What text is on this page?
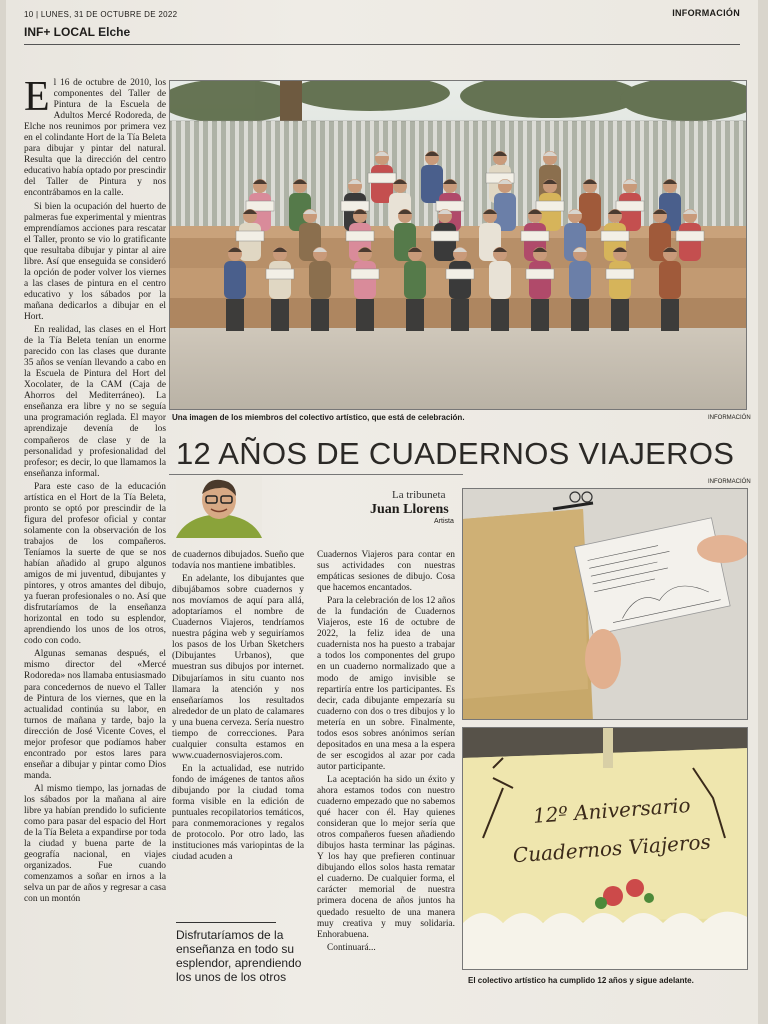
10 | LUNES, 31 DE OCTUBRE DE 2022	INFORMACIÓN
INF+ LOCAL Elche

El 16 de octubre de 2010, los componentes del Taller de Pintura de la Escuela de Adultos Mercé Rodoreda, de Elche nos reunimos por primera vez en el colindante Hort de la Tía Beleta para dibujar y pintar del natural. Resulta que la dirección del centro educativo había optado por prescindir del Taller de Pintura y nos encontrábamos en la calle.

Si bien la ocupación del huerto de palmeras fue experimental y mientras emprendíamos acciones para rescatar el Taller, pronto se vio lo gratificante que resultaba dibujar y pintar al aire libre. Así que enseguida se consideró la opción de poder volver los viernes a las clases de pintura en el centro educativo y los sábados por la mañana dedicarlos a dibujar en el Hort.

En realidad, las clases en el Hort de la Tía Beleta tenían un enorme parecido con las clases que durante 35 años se venían llevando a cabo en la Escuela de Pintura del Hort del Xocolater, de la CAM (Caja de Ahorros del Mediterráneo). La enseñanza era libre y no se seguía una programación reglada. El mayor aprendizaje devenía de los compañeros de clase y de la personalidad y profesionalidad del profesor; es decir, lo que llamamos la enseñanza informal.

Para este caso de la educación artística en el Hort de la Tía Beleta, pronto se optó por prescindir de la figura del profesor oficial y contar solamente con la observación de los trabajos de los compañeros. Teníamos la suerte de que se nos habían añadido al grupo algunos amigos de mi juventud, dibujantes y pintores, y otros amantes del dibujo, ya fueran profesionales o no. Así que disfrutaríamos de la enseñanza horizontal en todo su esplendor, aprendiendo los unos de los otros, codo con codo.

Algunas semanas después, el mismo director del «Mercé Rodoreda» nos llamaba entusiasmado para concedernos de nuevo el Taller de Pintura de los viernes, que en la actualidad continúa su labor, en turnos de mañana y tarde, bajo la dirección de José Vicente Coves, el mejor profesor que podíamos haber encontrado por estos lares para enseñar a dibujar y pintar como Dios manda.

Al mismo tiempo, las jornadas de los sábados por la mañana al aire libre ya habían prendido lo suficiente como para pasar del espacio del Hort de la Tía Beleta a expandirse por toda la ciudad y buena parte de la geografía nacional, en viajes organizados. Fue cuando comenzamos a soñar en irnos a la selva un par de años y regresar a casa con un montón

Una imagen de los miembros del colectivo artístico, que está de celebración.	INFORMACIÓN
12 AÑOS DE CUADERNOS VIAJEROS
La tribuneta
Juan Llorens
Artista

de cuadernos dibujados. Sueño que todavía nos mantiene imbatibles.

En adelante, los dibujantes que dibujábamos sobre cuadernos y nos movíamos de aquí para allá, adoptaríamos el nombre de Cuadernos Viajeros, tendríamos nuestra página web y seguiríamos los pasos de los Urban Sketchers (Dibujantes Urbanos), que muestran sus dibujos por internet. Dibujaríamos in situ cuanto nos llamara la atención y nos enseñaríamos los resultados alrededor de un plato de calamares y una buena cerveza. Sería nuestro tiempo de correcciones. Para cualquier consulta estamos en www.cuadernosviajeros.com.

En la actualidad, ese nutrido fondo de imágenes de tantos años dibujando por la ciudad toma forma visible en la edición de puntuales recopilatorios temáticos, para conmemoraciones y regalos de protocolo. Por otro lado, las instituciones más variopintas de la ciudad acuden a

Disfrutaríamos de la enseñanza en todo su esplendor, aprendiendo los unos de los otros

Cuadernos Viajeros para contar en sus actividades con nuestras empáticas sesiones de dibujo. Cosa que hacemos encantados.

Para la celebración de los 12 años de la fundación de Cuadernos Viajeros, este 16 de octubre de 2022, la feliz idea de una cuadernista nos ha puesto a trabajar a todos los componentes del grupo en un cuaderno normalizado que a modo de amigo invisible se repartiría entre los participantes. Es decir, cada dibujante empezaría su cuaderno con dos o tres dibujos y lo metería en un sobre. Finalmente, todos esos sobres anónimos serían depositados en una mesa a la espera de ser escogidos al azar por cada autor participante.

La aceptación ha sido un éxito y ahora estamos todos con nuestro cuaderno empezado que no sabemos qué hacer con él. Hay quienes consideran que lo mejor sería que otros compañeros fuesen añadiendo dibujos hasta terminar las páginas. Y los hay que prefieren continuar dibujando ellos solos hasta rematar el cuaderno. De cualquier forma, el carácter memorial de nuestra primera docena de años juntos ha quedado resuelto de una manera muy creativa y muy solidaria. Enhorabuena.

Continuará...

INFORMACIÓN
12º Aniversario
Cuadernos Viajeros
El colectivo artístico ha cumplido 12 años y sigue adelante.
